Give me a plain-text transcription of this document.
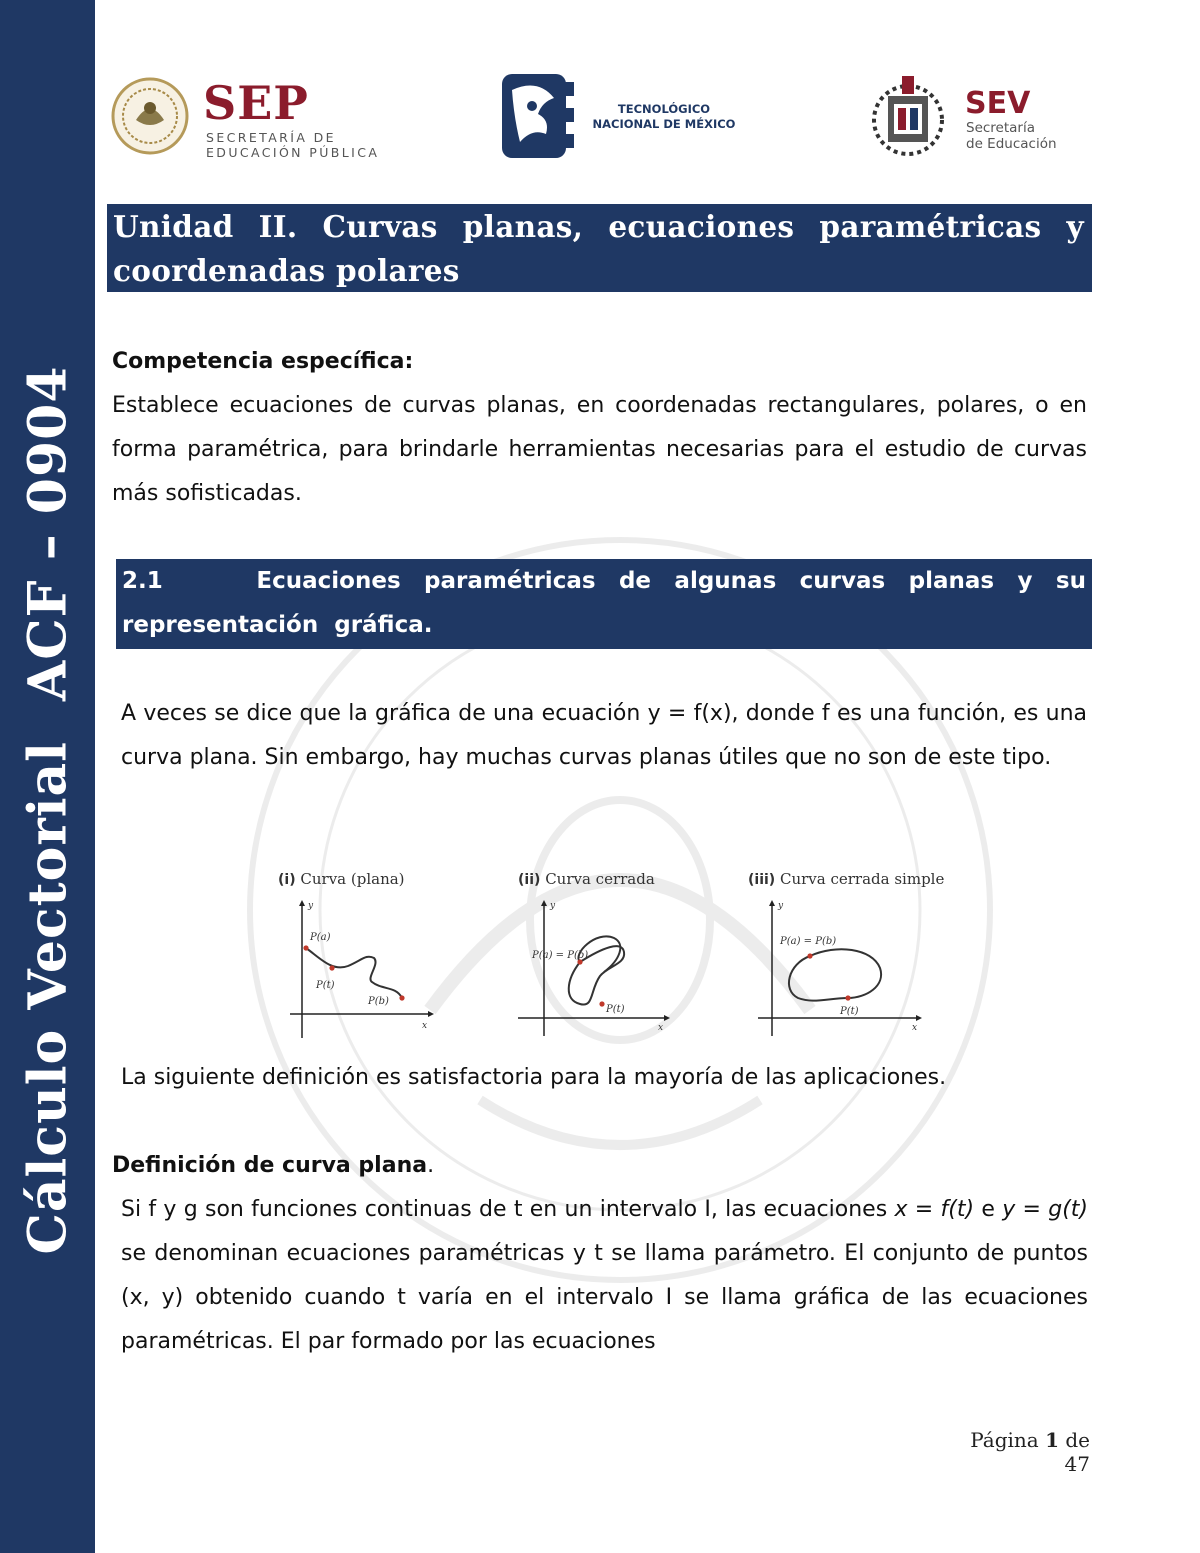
Cálculo VectorialACF – 0904
SEP
SECRETARÍA DE
EDUCACIÓN PÚBLICA
TECNOLÓGICO
NACIONAL DE MÉXICO
SEV
Secretaría
de Educación
Unidad II. Curvas planas, ecuaciones paramétricas y coordenadas polares
Competencia específica:
Establece ecuaciones de curvas planas, en coordenadas rectangulares, polares, o en forma paramétrica, para brindarle herramientas necesarias para el estudio de curvas más sofisticadas.
2.1	Ecuaciones paramétricas de algunas curvas planas y su representación gráfica.
A veces se dice que la gráfica de una ecuación y = f(x), donde f es una función, es una curva plana. Sin embargo, hay muchas curvas planas útiles que no son de este tipo.
(i) Curva (plana)
P(a)
P(t)
P(b)
x
y
(ii) Curva cerrada
P(a) = P(b)
P(t)
x
y
(iii) Curva cerrada simple
P(a) = P(b)
P(t)
x
y
La siguiente definición es satisfactoria para la mayoría de las aplicaciones.
Definición de curva plana.
Si f y g son funciones continuas de t en un intervalo I, las ecuaciones x = f(t) e y = g(t) se denominan ecuaciones paramétricas y t se llama parámetro. El conjunto de puntos (x, y) obtenido cuando t varía en el intervalo I se llama gráfica de las ecuaciones paramétricas. El par formado por las ecuaciones
Página 1 de 47
